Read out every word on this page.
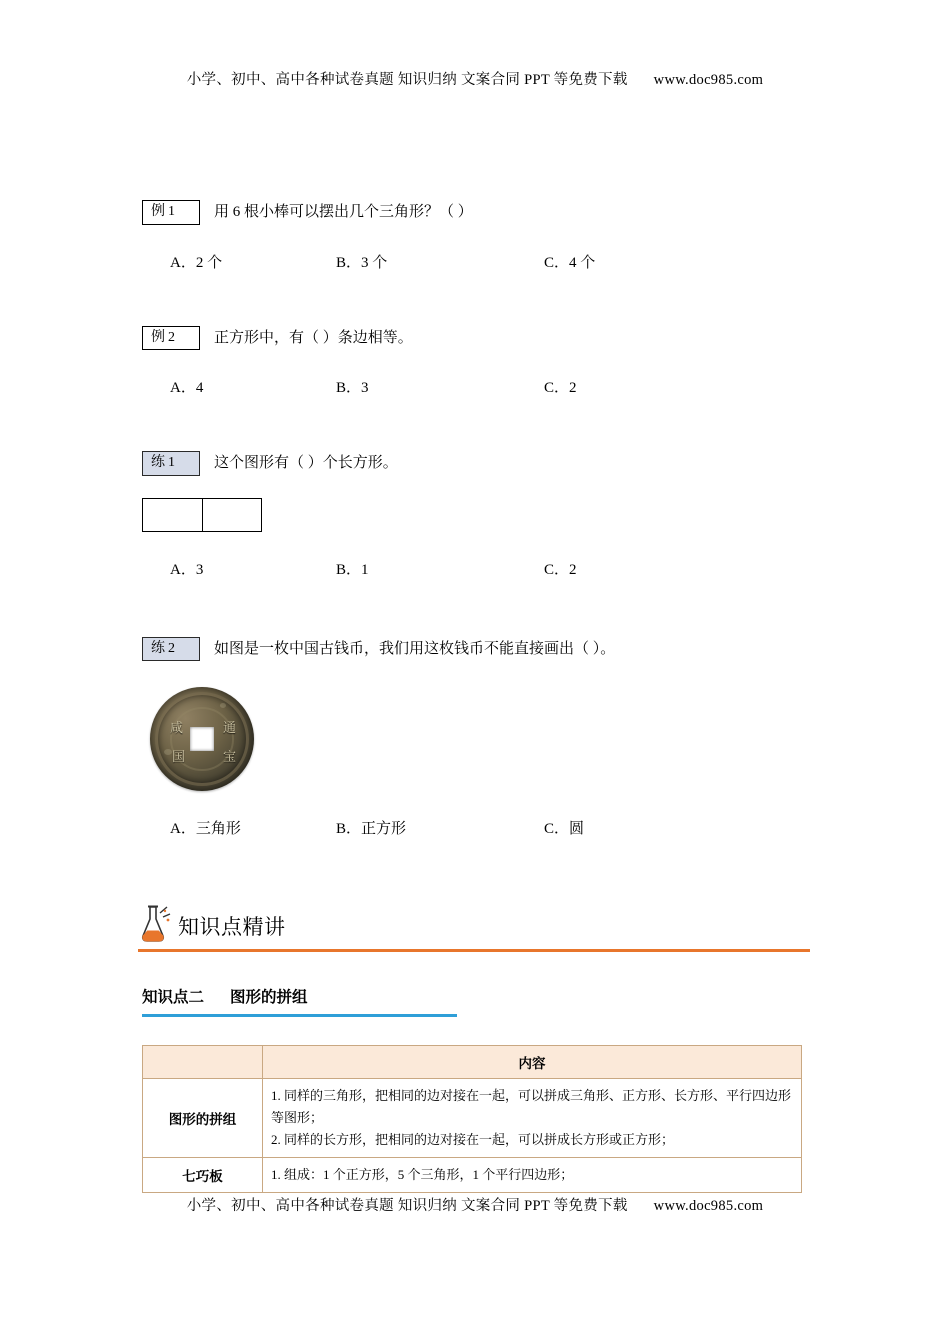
小学、初中、高中各种试卷真题 知识归纳 文案合同 PPT 等免费下载 www.doc985.com
例 1	用 6 根小棒可以摆出几个三角形？（ ）
A．2 个	B．3 个	C．4 个
例 2	正方形中，有（ ）条边相等。
A．4	B．3	C．2
练 1	这个图形有（ ）个长方形。
A．3	B．1	C．2
练 2	如图是一枚中国古钱币，我们用这枚钱币不能直接画出（ ）。
咸	通
国	宝
A．三角形	B．正方形	C．圆
知识点精讲
知识点二 图形的拼组
	内容
图形的拼组	1. 同样的三角形，把相同的边对接在一起，可以拼成三角形、正方形、长方形、平行四边形等图形；
2. 同样的长方形，把相同的边对接在一起，可以拼成长方形或正方形；

七巧板	1. 组成：1 个正方形，5 个三角形，1 个平行四边形；
小学、初中、高中各种试卷真题 知识归纳 文案合同 PPT 等免费下载 www.doc985.com
